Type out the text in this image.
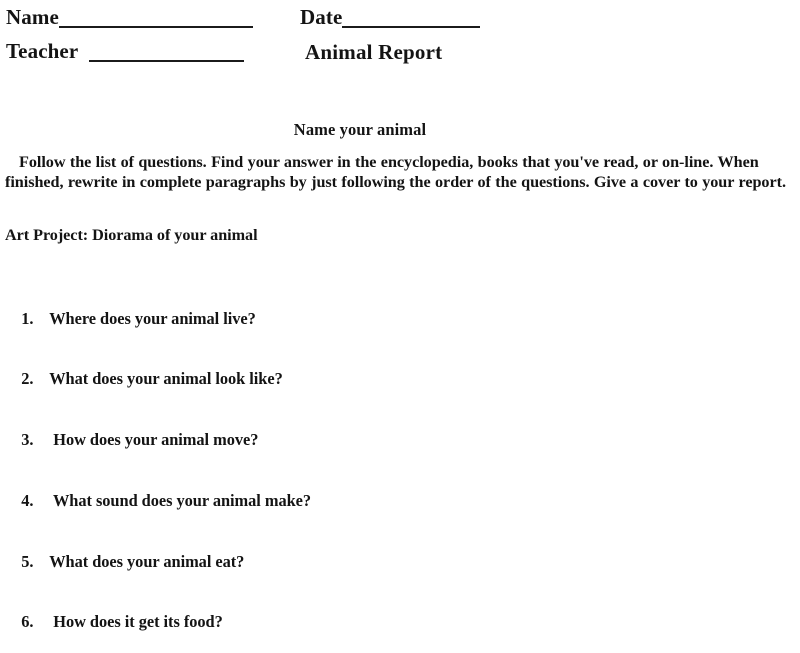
Name	Date
Teacher	Animal Report
Name your animal
Follow the list of questions. Find your answer in the encyclopedia, books that you've read, or on-line. When finished, rewrite in complete paragraphs by just following the order of the questions. Give a cover to your report.
Art Project: Diorama of your animal

1. Where does your animal live?

2. What does your animal look like?

3. How does your animal move?

4. What sound does your animal make?

5. What does your animal eat?

6. How does it get its food?
